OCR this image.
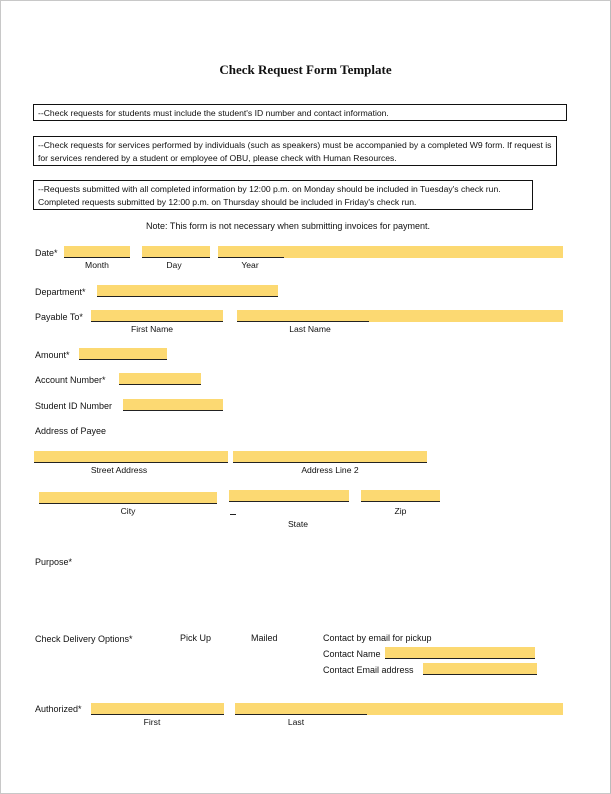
Check Request Form Template
--Check requests for students must include the student's ID number and contact information.
--Check requests for services performed by individuals (such as speakers) must be accompanied by a completed W9 form. If request is for services rendered by a student or employee of OBU, please check with Human Resources.
--Requests submitted with all completed information by 12:00 p.m. on Monday should be included in Tuesday's check run. Completed requests submitted by 12:00 p.m. on Thursday should be included in Friday's check run.
Note: This form is not necessary when submitting invoices for payment.
Date*
Month	Day	Year
Department*
Payable To*
First Name	Last Name
Amount*
Account Number*
Student ID Number
Address of Payee
Street Address	Address Line 2
City
State
Zip
Purpose*
Check Delivery Options*	Pick Up	Mailed	Contact by email for pickup
Contact Name
Contact Email address
Authorized*
First	Last
